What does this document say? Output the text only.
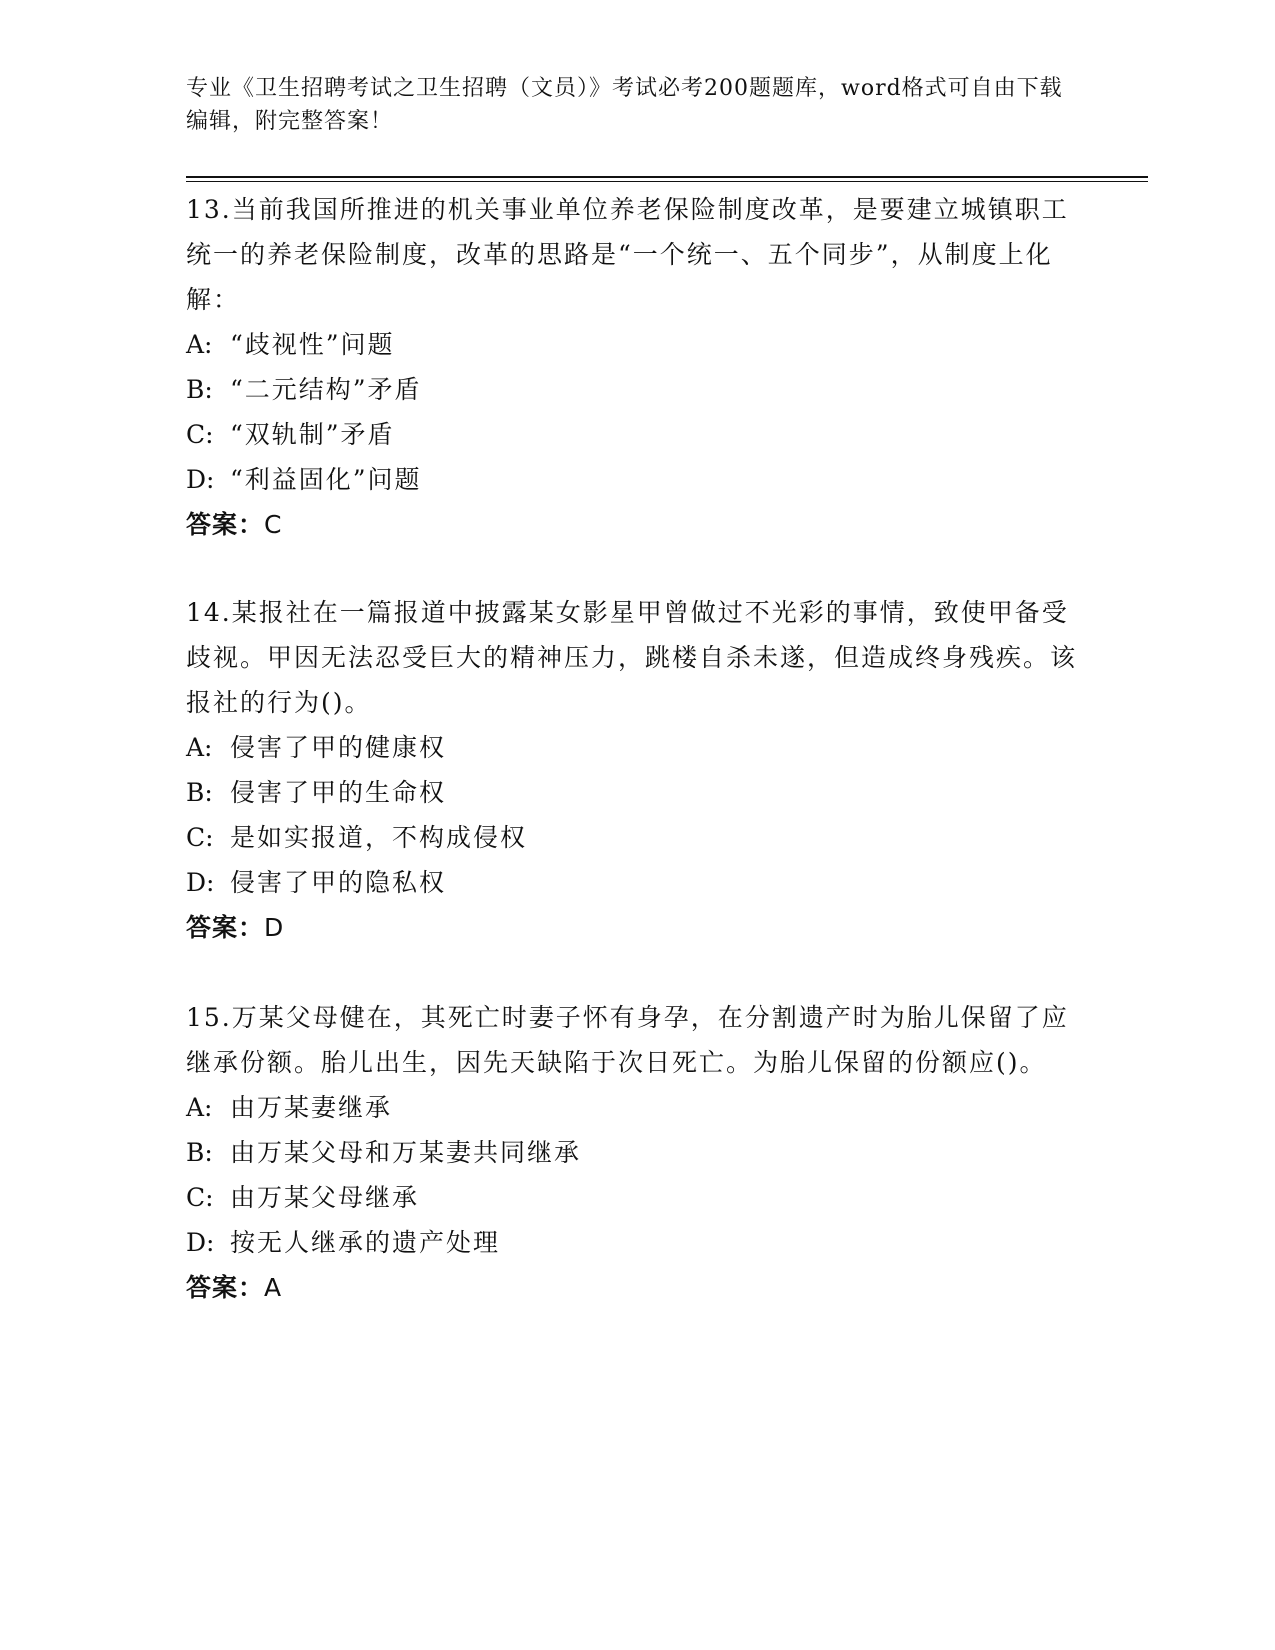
专业《卫生招聘考试之卫生招聘（文员）》考试必考200题题库，word格式可自由下载编辑，附完整答案！

13.当前我国所推进的机关事业单位养老保险制度改革，是要建立城镇职工统一的养老保险制度，改革的思路是“一个统一、五个同步”，从制度上化解：

A: “歧视性”问题
B: “二元结构”矛盾
C: “双轨制”矛盾
D: “利益固化”问题
答案：C

14.某报社在一篇报道中披露某女影星甲曾做过不光彩的事情，致使甲备受歧视。甲因无法忍受巨大的精神压力，跳楼自杀未遂，但造成终身残疾。该报社的行为()。

A: 侵害了甲的健康权
B: 侵害了甲的生命权
C: 是如实报道，不构成侵权
D: 侵害了甲的隐私权
答案：D

15.万某父母健在，其死亡时妻子怀有身孕，在分割遗产时为胎儿保留了应继承份额。胎儿出生，因先天缺陷于次日死亡。为胎儿保留的份额应()。

A: 由万某妻继承
B: 由万某父母和万某妻共同继承
C: 由万某父母继承
D: 按无人继承的遗产处理
答案：A
